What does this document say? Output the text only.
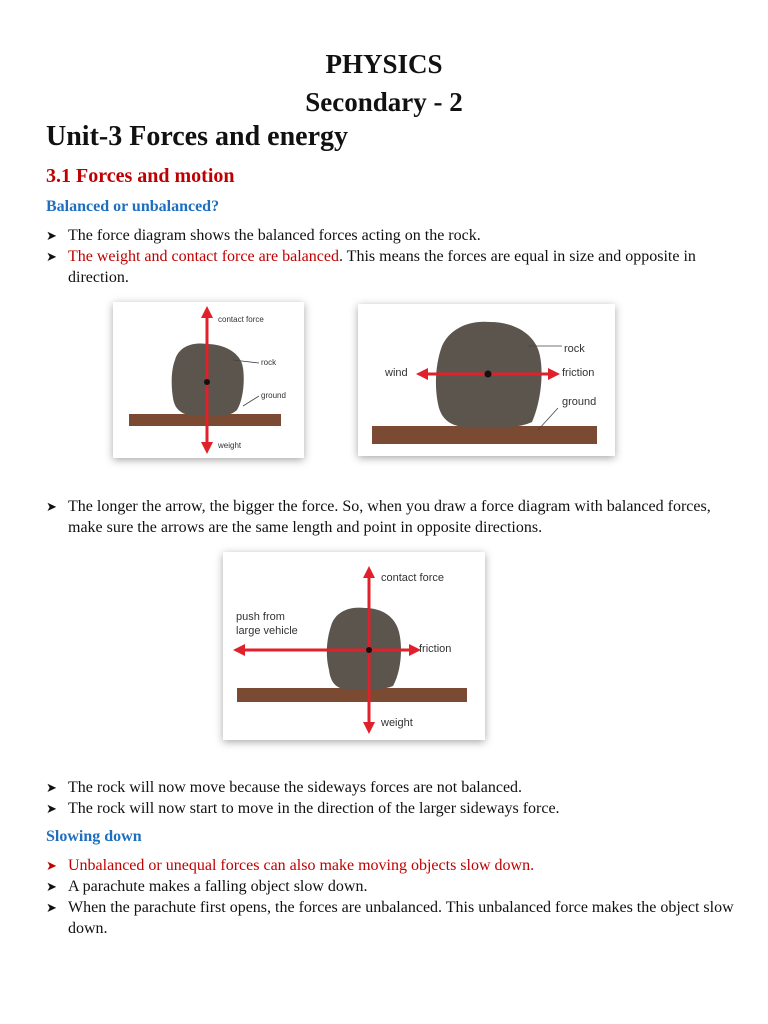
PHYSICS
Secondary - 2
Unit-3 Forces and energy
3.1 Forces and motion
Balanced or unbalanced?
➤ The force diagram shows the balanced forces acting on the rock.
➤ The weight and contact force are balanced. This means the forces are equal in size and opposite in direction.
contact force
rock
ground
weight
rock
wind	friction
ground
➤ The longer the arrow, the bigger the force. So, when you draw a force diagram with balanced forces, make sure the arrows are the same length and point in opposite directions.
contact force
push from
large vehicle
friction
weight
➤ The rock will now move because the sideways forces are not balanced.
➤ The rock will now start to move in the direction of the larger sideways force.
Slowing down
➤ Unbalanced or unequal forces can also make moving objects slow down.
➤ A parachute makes a falling object slow down.
➤ When the parachute first opens, the forces are unbalanced. This unbalanced force makes the object slow down.
